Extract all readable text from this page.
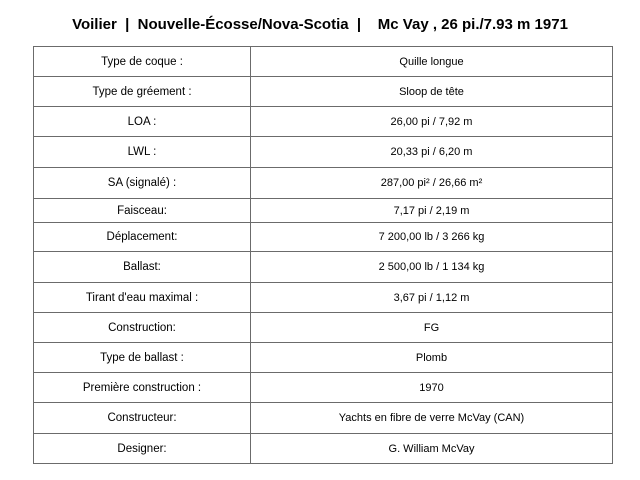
Voilier  |  Nouvelle-Écosse/Nova-Scotia  |    Mc Vay , 26 pi./7.93 m 1971
Type de coque :	Quille longue
Type de gréement :	Sloop de tête
LOA :	26,00 pi / 7,92 m
LWL :	20,33 pi / 6,20 m
SA (signalé) :	287,00 pi² / 26,66 m²
Faisceau:	7,17 pi / 2,19 m
Déplacement:	7 200,00 lb / 3 266 kg
Ballast:	2 500,00 lb / 1 134 kg
Tirant d'eau maximal :	3,67 pi / 1,12 m
Construction:	FG
Type de ballast :	Plomb
Première construction :	1970
Constructeur:	Yachts en fibre de verre McVay (CAN)
Designer:	G. William McVay
